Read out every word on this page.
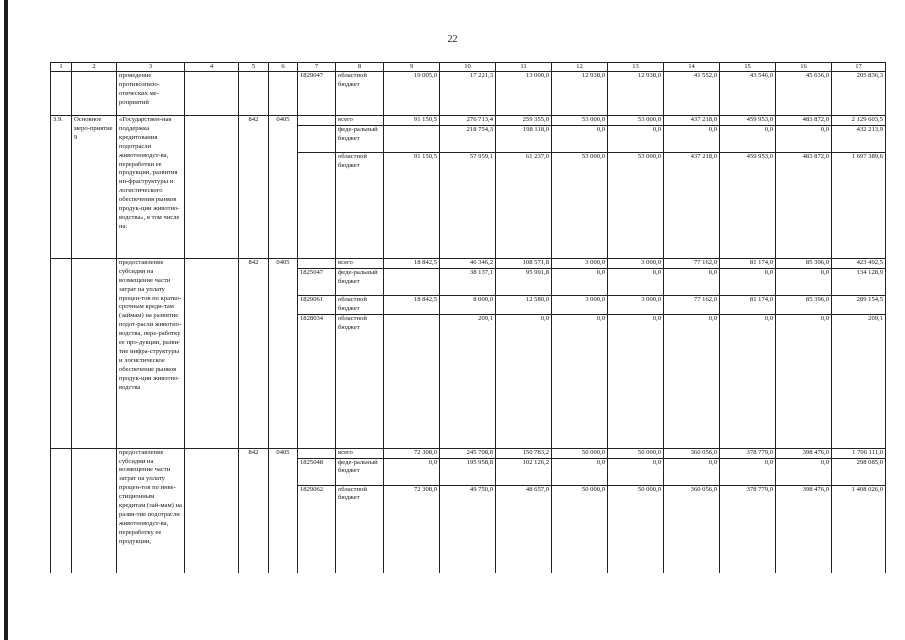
22
1	2	3	4	5	6	7	8	9	10	11	12	13	14	15	16	17
		проведение противоэпизо-отических ме-роприятий				1829047	областной бюджет	19 005,0	17 221,3	13 000,0	12 938,0	12 938,0	41 552,0	43 546,0	45 636,0	205 836,3
3.9.	Основное меро-приятие 9	«Государствен-ная поддержка кредитования подотрасли животноводст-ва, переработки ее продукции, развития ин-фраструктуры и логистического обеспечения рынков продук-ции животно-водства», в том числе на:		842	0405		всего	91 150,5	276 713,4	259 355,0	53 000,0	53 000,0	437 218,0	459 953,0	483 872,0	2 129 603,5
							феде-ральный бюджет		218 754,3	198 118,0	0,0	0,0	0,0	0,0	0,0	432 213,9
							областной бюджет	91 150,5	57 959,1	61 237,0	53 000,0	53 000,0	437 218,0	459 953,0	483 872,0	1 697 389,6
		предоставление субсидии на возмещение части затрат на уплату процен-тов по кратко-срочным креди-там (займам) на развитие подот-расли животно-водства, пере-работку ее про-дукции, разви-тие инфра-структуры и логистическое обеспечение рынков продук-ции животно-водства		842	0405		всего	18 842,5	46 346,2	108 571,8	3 000,0	3 000,0	77 162,0	81 174,0	85 396,0	423 492,5
						1825047	феде-ральный бюджет		38 137,1	95 991,8	0,0	0,0	0,0	0,0	0,0	134 128,9
						1829061	областной бюджет	18 842,5	8 000,0	12 580,0	3 000,0	3 000,0	77 162,0	81 174,0	85 396,0	289 154,5
						1828034	областной бюджет		209,1	0,0	0,0	0,0	0,0	0,0	0,0	209,1
		предоставление субсидии на возмещение части затрат на уплату процен-тов по инве-стиционным кредитам (зай-мам) на разви-тие подотрасли животноводст-ва, переработку ее продукции,		842	0405		всего	72 308,0	245 708,8	150 783,2	50 000,0	50 000,0	360 056,0	378 779,0	398 476,0	1 706 111,0
						1825048	феде-ральный бюджет	0,0	195 958,8	102 126,2	0,0	0,0	0,0	0,0	0,0	298 085,0
						1829062	областной бюджет	72 308,0	49 750,0	48 657,0	50 000,0	50 000,0	360 056,0	378 779,0	398 476,0	1 408 026,0
